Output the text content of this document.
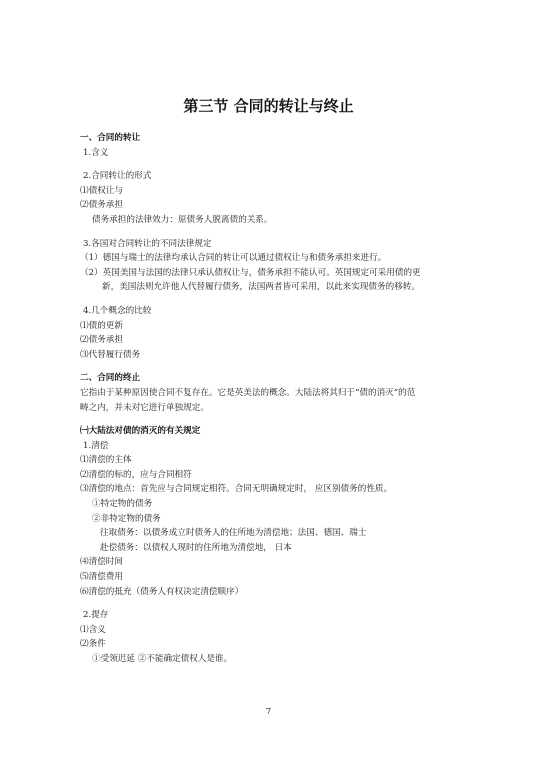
第三节 合同的转让与终止
一、合同的转让
1.含义
2.合同转让的形式
⑴债权让与
⑵债务承担
债务承担的法律效力：原债务人脱离债的关系。
3.各国对合同转让的不同法律规定
（1）德国与瑞士的法律均承认合同的转让可以通过债权让与和债务承担来进行。
（2）英国美国与法国的法律只承认债权让与，债务承担不能认可。英国规定可采用债的更
新，美国法则允许他人代替履行债务，法国两者皆可采用，以此来实现债务的移转。
4.几个概念的比较
⑴债的更新
⑵债务承担
⑶代替履行债务
二、合同的终止
它指由于某种原因使合同不复存在。它是英美法的概念。大陆法将其归于“债的消灭”的范
畴之内，并未对它进行单独规定。
㈠大陆法对债的消灭的有关规定
1.清偿
⑴清偿的主体
⑵清偿的标的，应与合同相符
⑶清偿的地点：首先应与合同规定相符。合同无明确规定时， 应区别债务的性质。
①特定物的债务
②非特定物的债务
往取债务：以债务成立时债务人的住所地为清偿地；法国、德国、瑞士
赴偿债务：以债权人现时的住所地为清偿地， 日本
⑷清偿时间
⑸清偿费用
⑹清偿的抵充（债务人有权决定清偿顺序）
2.提存
⑴含义
⑵条件
①受领迟延 ②不能确定债权人是谁。
7
